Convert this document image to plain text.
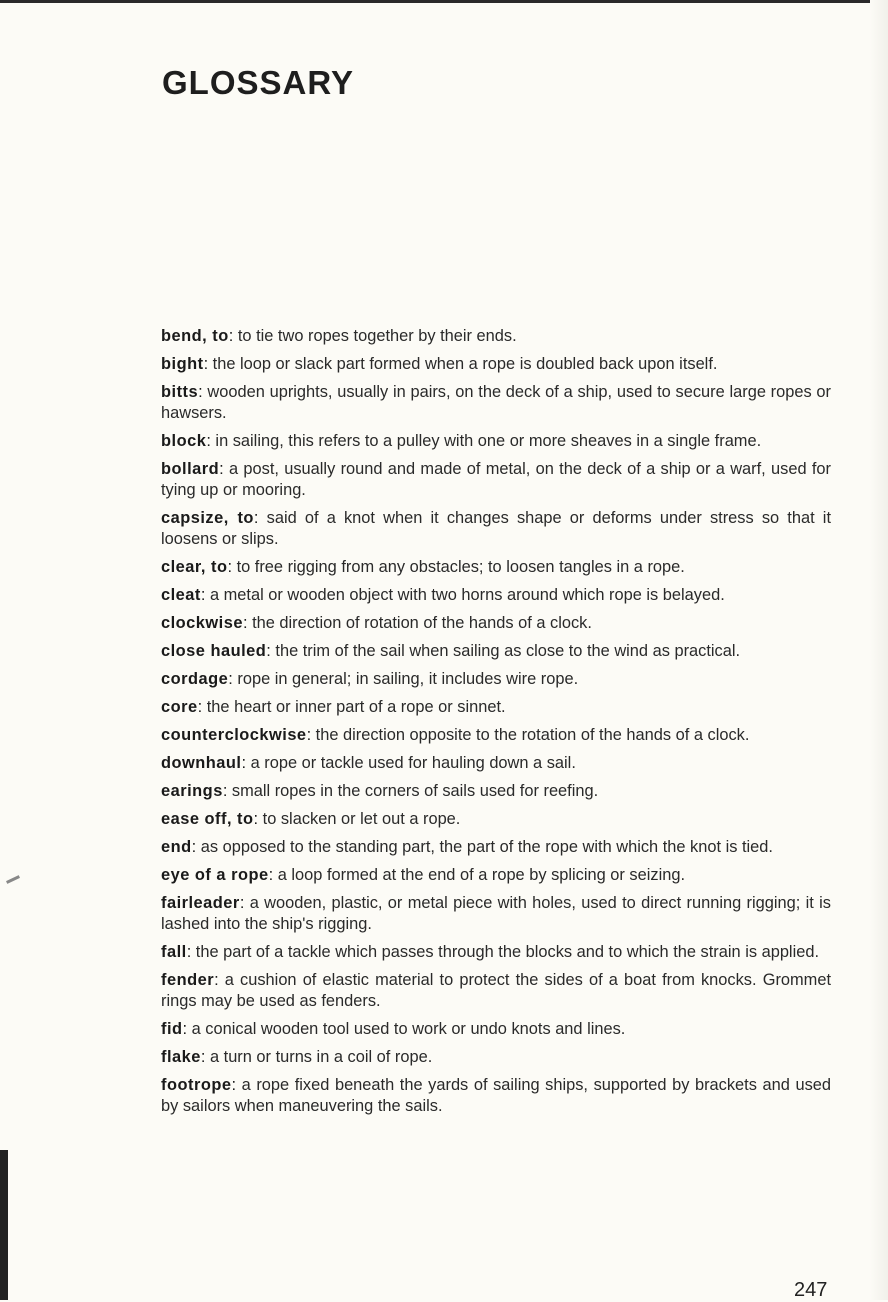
GLOSSARY
bend, to: to tie two ropes together by their ends.
bight: the loop or slack part formed when a rope is doubled back upon itself.
bitts: wooden uprights, usually in pairs, on the deck of a ship, used to secure large ropes or hawsers.
block: in sailing, this refers to a pulley with one or more sheaves in a single frame.
bollard: a post, usually round and made of metal, on the deck of a ship or a warf, used for tying up or mooring.
capsize, to: said of a knot when it changes shape or deforms under stress so that it loosens or slips.
clear, to: to free rigging from any obstacles; to loosen tangles in a rope.
cleat: a metal or wooden object with two horns around which rope is belayed.
clockwise: the direction of rotation of the hands of a clock.
close hauled: the trim of the sail when sailing as close to the wind as practical.
cordage: rope in general; in sailing, it includes wire rope.
core: the heart or inner part of a rope or sinnet.
counterclockwise: the direction opposite to the rotation of the hands of a clock.
downhaul: a rope or tackle used for hauling down a sail.
earings: small ropes in the corners of sails used for reefing.
ease off, to: to slacken or let out a rope.
end: as opposed to the standing part, the part of the rope with which the knot is tied.
eye of a rope: a loop formed at the end of a rope by splicing or seizing.
fairleader: a wooden, plastic, or metal piece with holes, used to direct running rigging; it is lashed into the ship's rigging.
fall: the part of a tackle which passes through the blocks and to which the strain is applied.
fender: a cushion of elastic material to protect the sides of a boat from knocks. Grommet rings may be used as fenders.
fid: a conical wooden tool used to work or undo knots and lines.
flake: a turn or turns in a coil of rope.
footrope: a rope fixed beneath the yards of sailing ships, supported by brackets and used by sailors when maneuvering the sails.
247
